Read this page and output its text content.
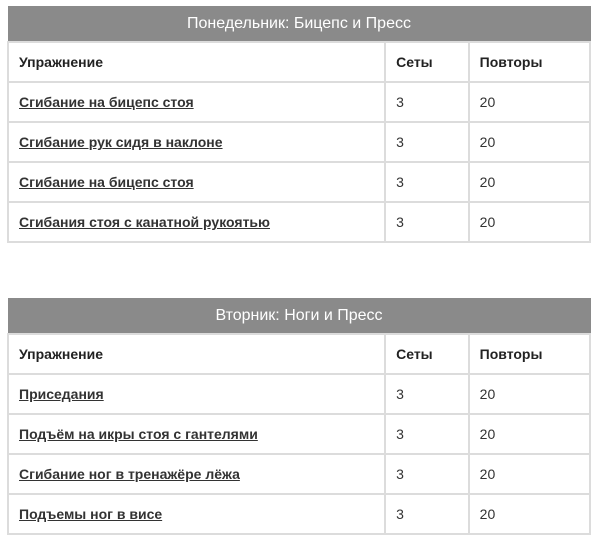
Понедельник: Бицепс и Пресс		
Упражнение	Сеты	Повторы
Сгибание на бицепс стоя	3	20
Сгибание рук сидя в наклоне	3	20
Сгибание на бицепс стоя	3	20
Сгибания стоя с канатной рукоятью	3	20
Вторник: Ноги и Пресс		
Упражнение	Сеты	Повторы
Приседания	3	20
Подъём на икры стоя с гантелями	3	20
Сгибание ног в тренажёре лёжа	3	20
Подъемы ног в висе	3	20
